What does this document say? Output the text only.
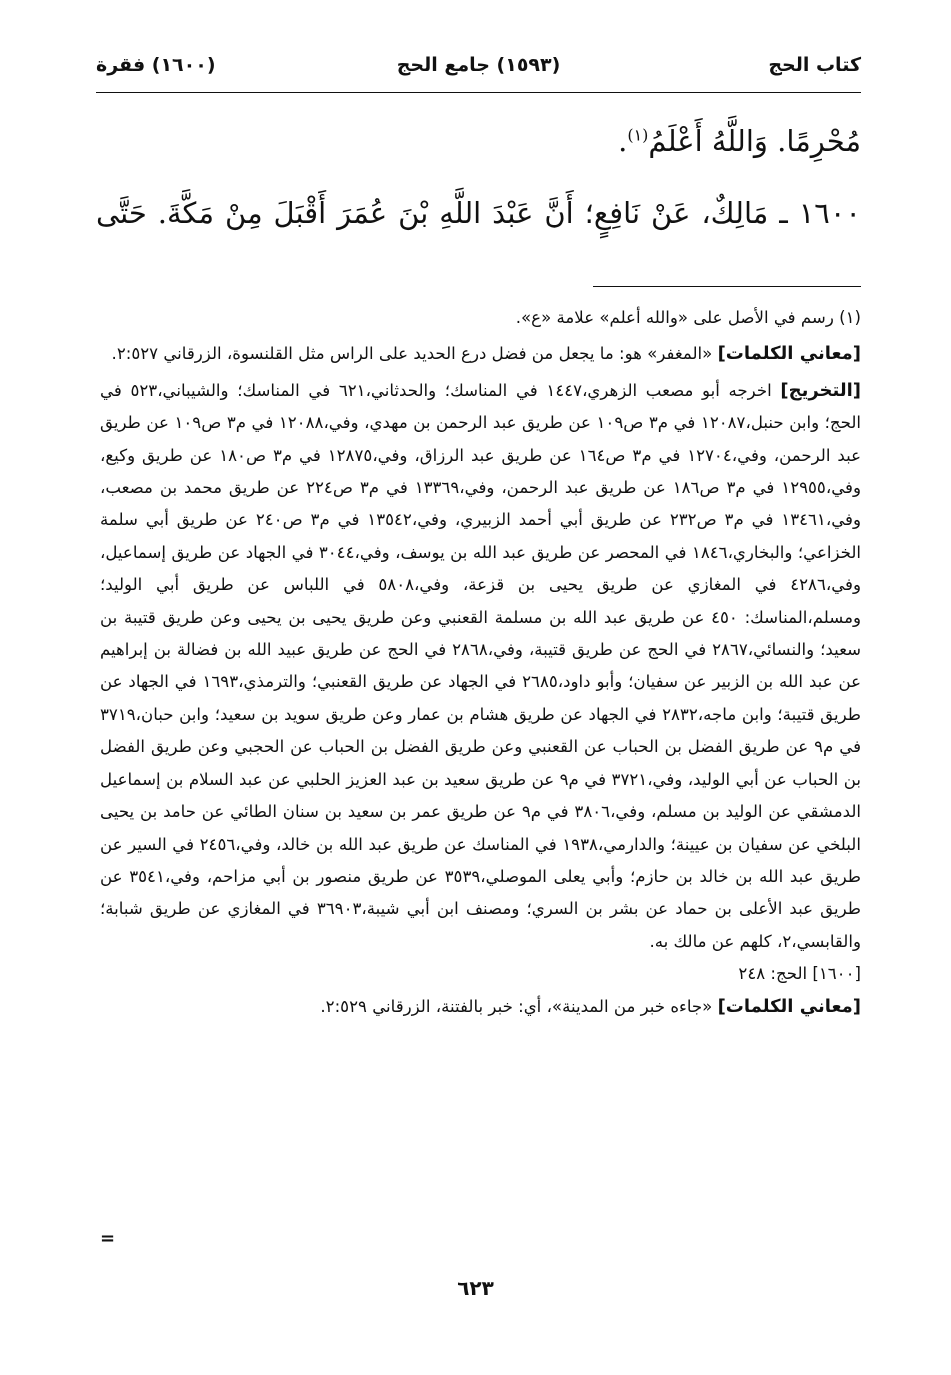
كتاب الحج
(١٥٩٣) جامع الحج
(١٦٠٠) فقرة
مُحْرِمًا. وَاللَّهُ أَعْلَمُ$^{(١)}$.
١٦٠٠ ـ مَالِكٌ، عَنْ نَافِعٍ؛ أَنَّ عَبْدَ اللَّهِ بْنَ عُمَرَ أَقْبَلَ مِنْ مَكَّةَ. حَتَّى

(١) رسم في الأصل على «والله أعلم» علامة «ع».

[معاني الكلمات] «المغفر» هو: ما يجعل من فضل درع الحديد على الراس مثل القلنسوة، الزرقاني ٢:٥٢٧.

[التخريج] اخرجه أبو مصعب الزهري،١٤٤٧ في المناسك؛ والحدثاني،٦٢١ في المناسك؛ والشيباني،٥٢٣ في الحج؛ وابن حنبل،١٢٠٨٧ في م٣ ص١٠٩ عن طريق عبد الرحمن بن مهدي، وفي،١٢٠٨٨ في م٣ ص١٠٩ عن طريق عبد الرحمن، وفي،١٢٧٠٤ في م٣ ص١٦٤ عن طريق عبد الرزاق، وفي،١٢٨٧٥ في م٣ ص١٨٠ عن طريق وكيع، وفي،١٢٩٥٥ في م٣ ص١٨٦ عن طريق عبد الرحمن، وفي،١٣٣٦٩ في م٣ ص٢٢٤ عن طريق محمد بن مصعب، وفي،١٣٤٦١ في م٣ ص٢٣٢ عن طريق أبي أحمد الزبيري، وفي،١٣٥٤٢ في م٣ ص٢٤٠ عن طريق أبي سلمة الخزاعي؛ والبخاري،١٨٤٦ في المحصر عن طريق عبد الله بن يوسف، وفي،٣٠٤٤ في الجهاد عن طريق إسماعيل، وفي،٤٢٨٦ في المغازي عن طريق يحيى بن قزعة، وفي،٥٨٠٨ في اللباس عن طريق أبي الوليد؛ ومسلم،المناسك: ٤٥٠ عن طريق عبد الله بن مسلمة القعنبي وعن طريق يحيى بن يحيى وعن طريق قتيبة بن سعيد؛ والنسائي،٢٨٦٧ في الحج عن طريق قتيبة، وفي،٢٨٦٨ في الحج عن طريق عبيد الله بن فضالة بن إبراهيم عن عبد الله بن الزبير عن سفيان؛ وأبو داود،٢٦٨٥ في الجهاد عن طريق القعنبي؛ والترمذي،١٦٩٣ في الجهاد عن طريق قتيبة؛ وابن ماجه،٢٨٣٢ في الجهاد عن طريق هشام بن عمار وعن طريق سويد بن سعيد؛ وابن حبان،٣٧١٩ في م٩ عن طريق الفضل بن الحباب عن القعنبي وعن طريق الفضل بن الحباب عن الحجبي وعن طريق الفضل بن الحباب عن أبي الوليد، وفي،٣٧٢١ في م٩ عن طريق سعيد بن عبد العزيز الحلبي عن عبد السلام بن إسماعيل الدمشقي عن الوليد بن مسلم، وفي،٣٨٠٦ في م٩ عن طريق عمر بن سعيد بن سنان الطائي عن حامد بن يحيى البلخي عن سفيان بن عيينة؛ والدارمي،١٩٣٨ في المناسك عن طريق عبد الله بن خالد، وفي،٢٤٥٦ في السير عن طريق عبد الله بن خالد بن حازم؛ وأبي يعلى الموصلي،٣٥٣٩ عن طريق منصور بن أبي مزاحم، وفي،٣٥٤١ عن طريق عبد الأعلى بن حماد عن بشر بن السري؛ ومصنف ابن أبي شيبة،٣٦٩٠٣ في المغازي عن طريق شبابة؛ والقابسي،٢، كلهم عن مالك به.

[١٦٠٠] الحج: ٢٤٨

[معاني الكلمات] «جاءه خبر من المدينة»، أي: خبر بالفتنة، الزرقاني ٢:٥٢٩.

=
٦٢٣
